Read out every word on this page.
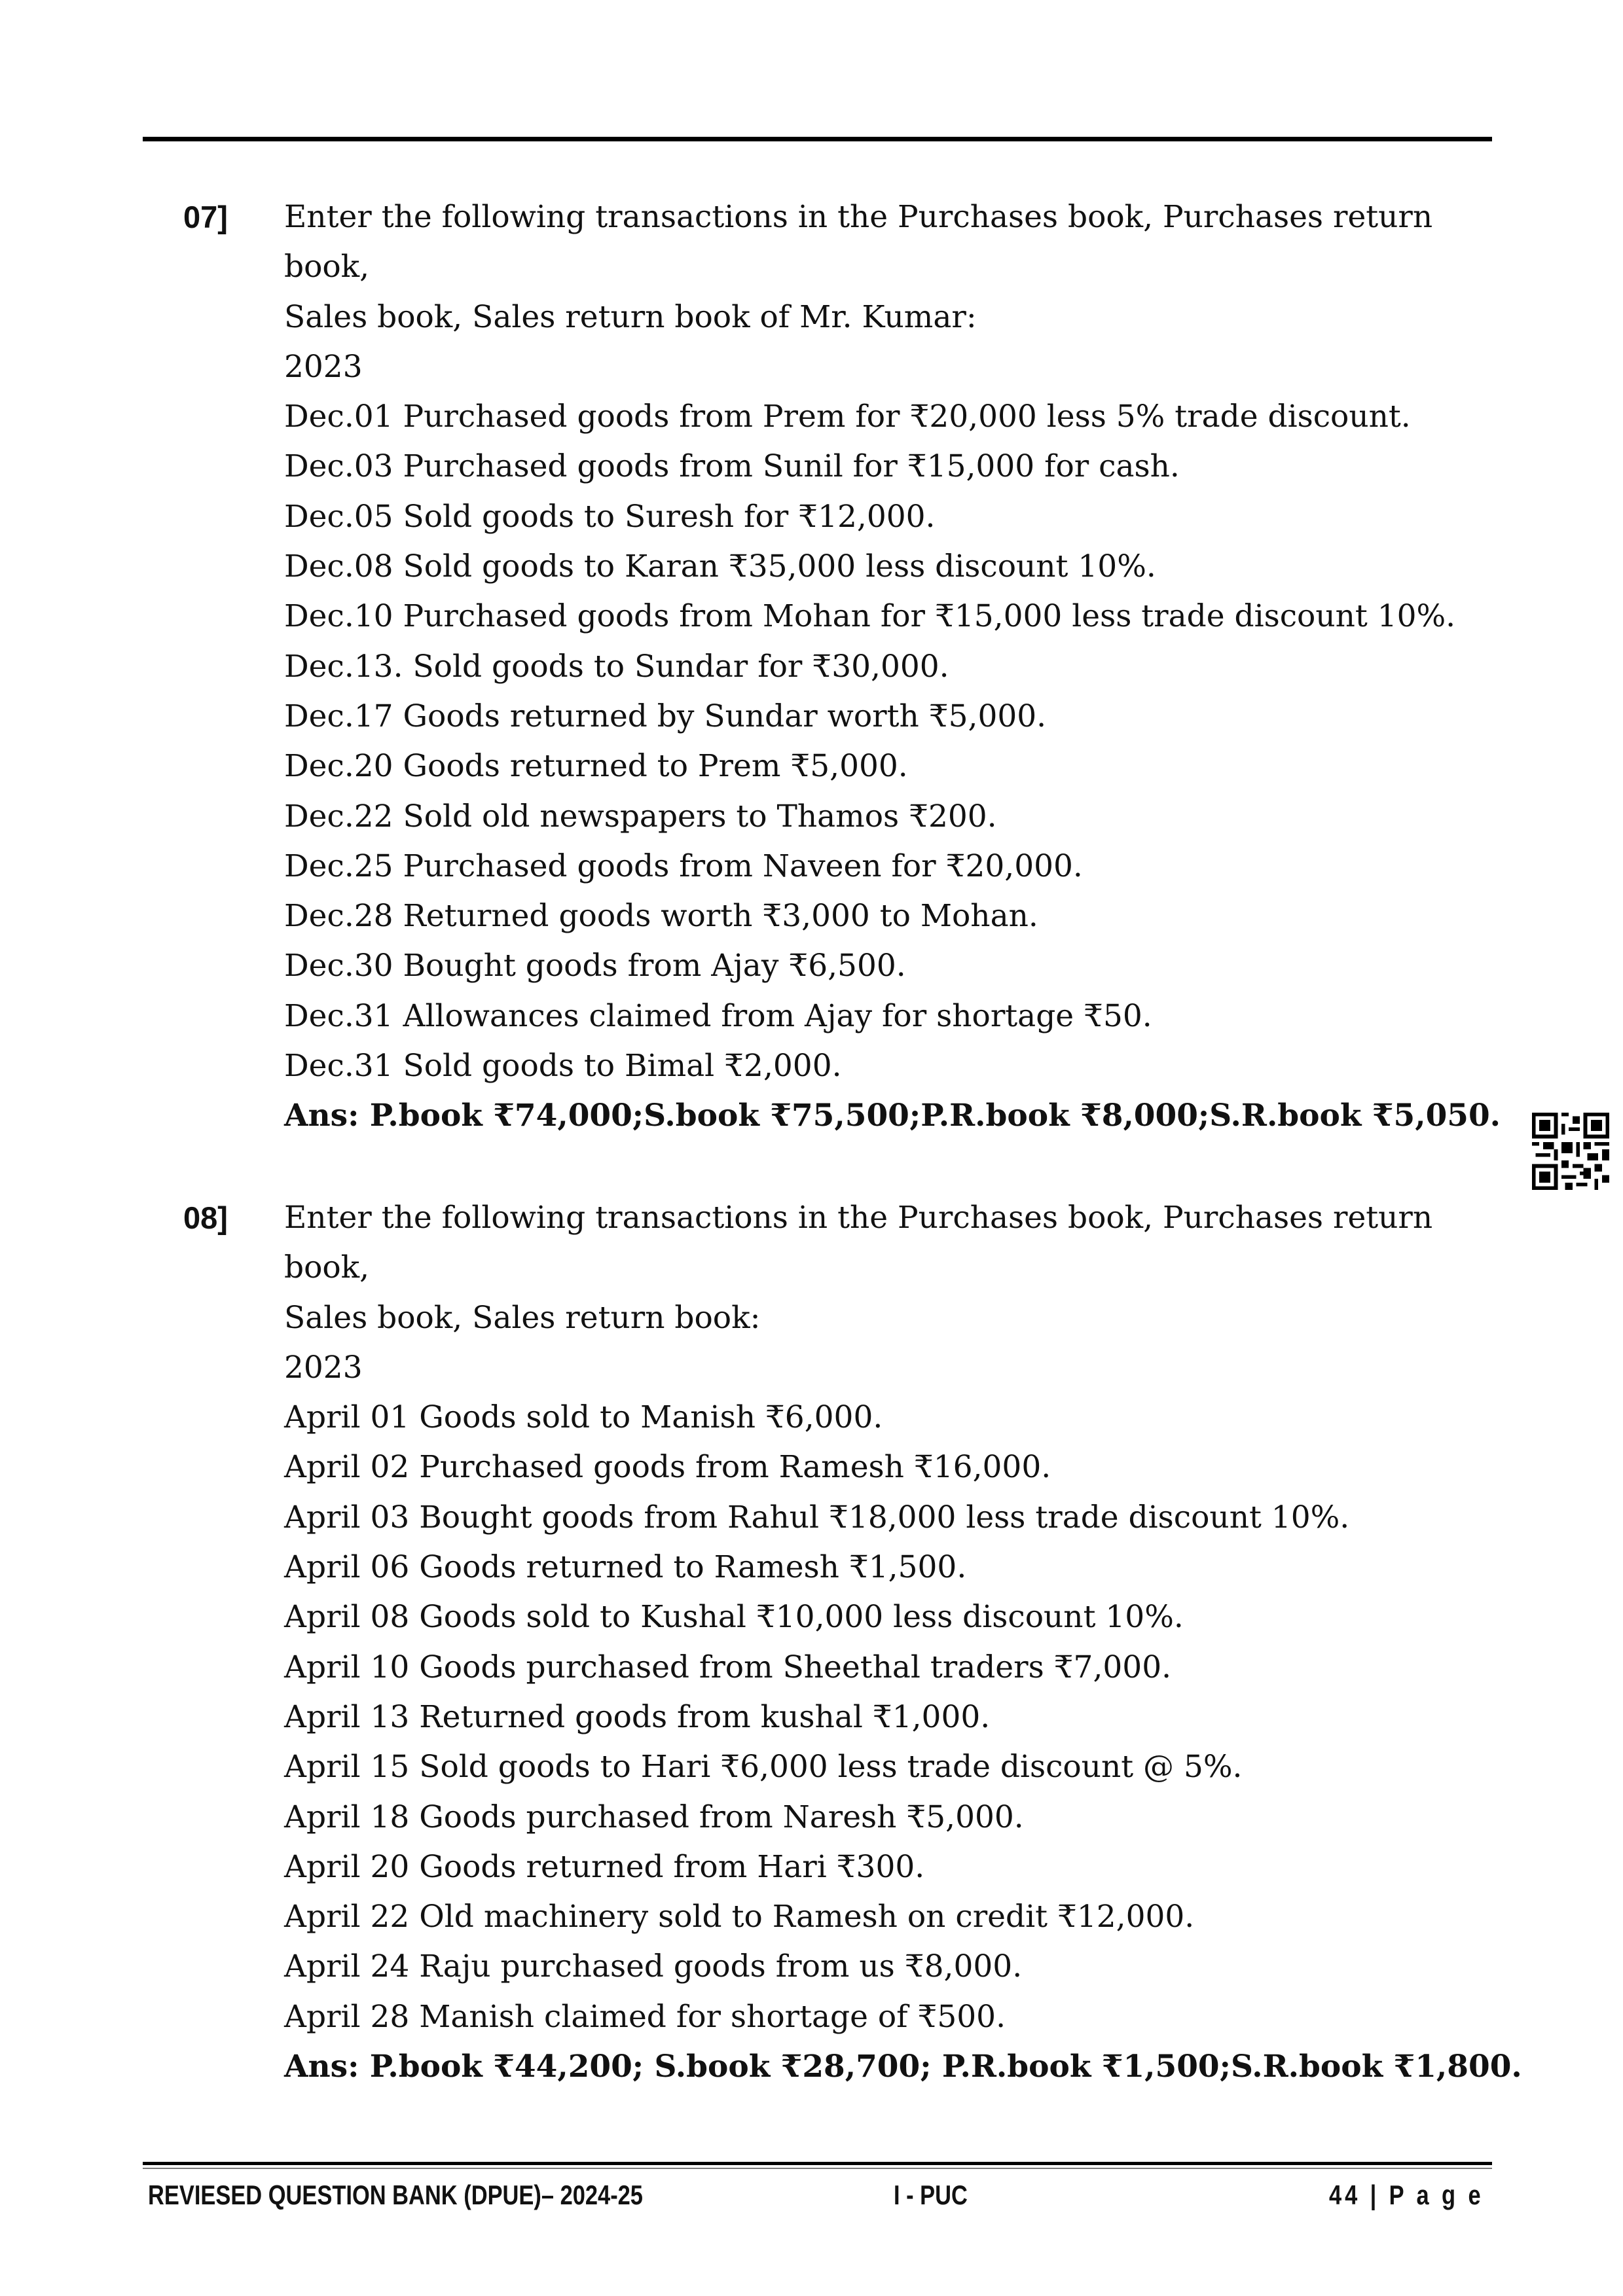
07] Enter the following transactions in the Purchases book, Purchases return
book,
Sales book, Sales return book of Mr. Kumar:
2023
Dec.01 Purchased goods from Prem for ₹20,000 less 5% trade discount.
Dec.03 Purchased goods from Sunil for ₹15,000 for cash.
Dec.05 Sold goods to Suresh for ₹12,000.
Dec.08 Sold goods to Karan ₹35,000 less discount 10%.
Dec.10 Purchased goods from Mohan for ₹15,000 less trade discount 10%.
Dec.13. Sold goods to Sundar for ₹30,000.
Dec.17 Goods returned by Sundar worth ₹5,000.
Dec.20 Goods returned to Prem ₹5,000.
Dec.22 Sold old newspapers to Thamos ₹200.
Dec.25 Purchased goods from Naveen for ₹20,000.
Dec.28 Returned goods worth ₹3,000 to Mohan.
Dec.30 Bought goods from Ajay ₹6,500.
Dec.31 Allowances claimed from Ajay for shortage ₹50.
Dec.31 Sold goods to Bimal ₹2,000.
Ans: P.book ₹74,000;S.book ₹75,500;P.R.book ₹8,000;S.R.book ₹5,050.
08] Enter the following transactions in the Purchases book, Purchases return
book,
Sales book, Sales return book:
2023
April 01 Goods sold to Manish ₹6,000.
April 02 Purchased goods from Ramesh ₹16,000.
April 03 Bought goods from Rahul ₹18,000 less trade discount 10%.
April 06 Goods returned to Ramesh ₹1,500.
April 08 Goods sold to Kushal ₹10,000 less discount 10%.
April 10 Goods purchased from Sheethal traders ₹7,000.
April 13 Returned goods from kushal ₹1,000.
April 15 Sold goods to Hari ₹6,000 less trade discount @ 5%.
April 18 Goods purchased from Naresh ₹5,000.
April 20 Goods returned from Hari ₹300.
April 22 Old machinery sold to Ramesh on credit ₹12,000.
April 24 Raju purchased goods from us ₹8,000.
April 28 Manish claimed for shortage of ₹500.
Ans: P.book ₹44,200; S.book ₹28,700; P.R.book ₹1,500;S.R.book ₹1,800.
REVIESED QUESTION BANK (DPUE)– 2024-25	I - PUC	44 | P a g e
